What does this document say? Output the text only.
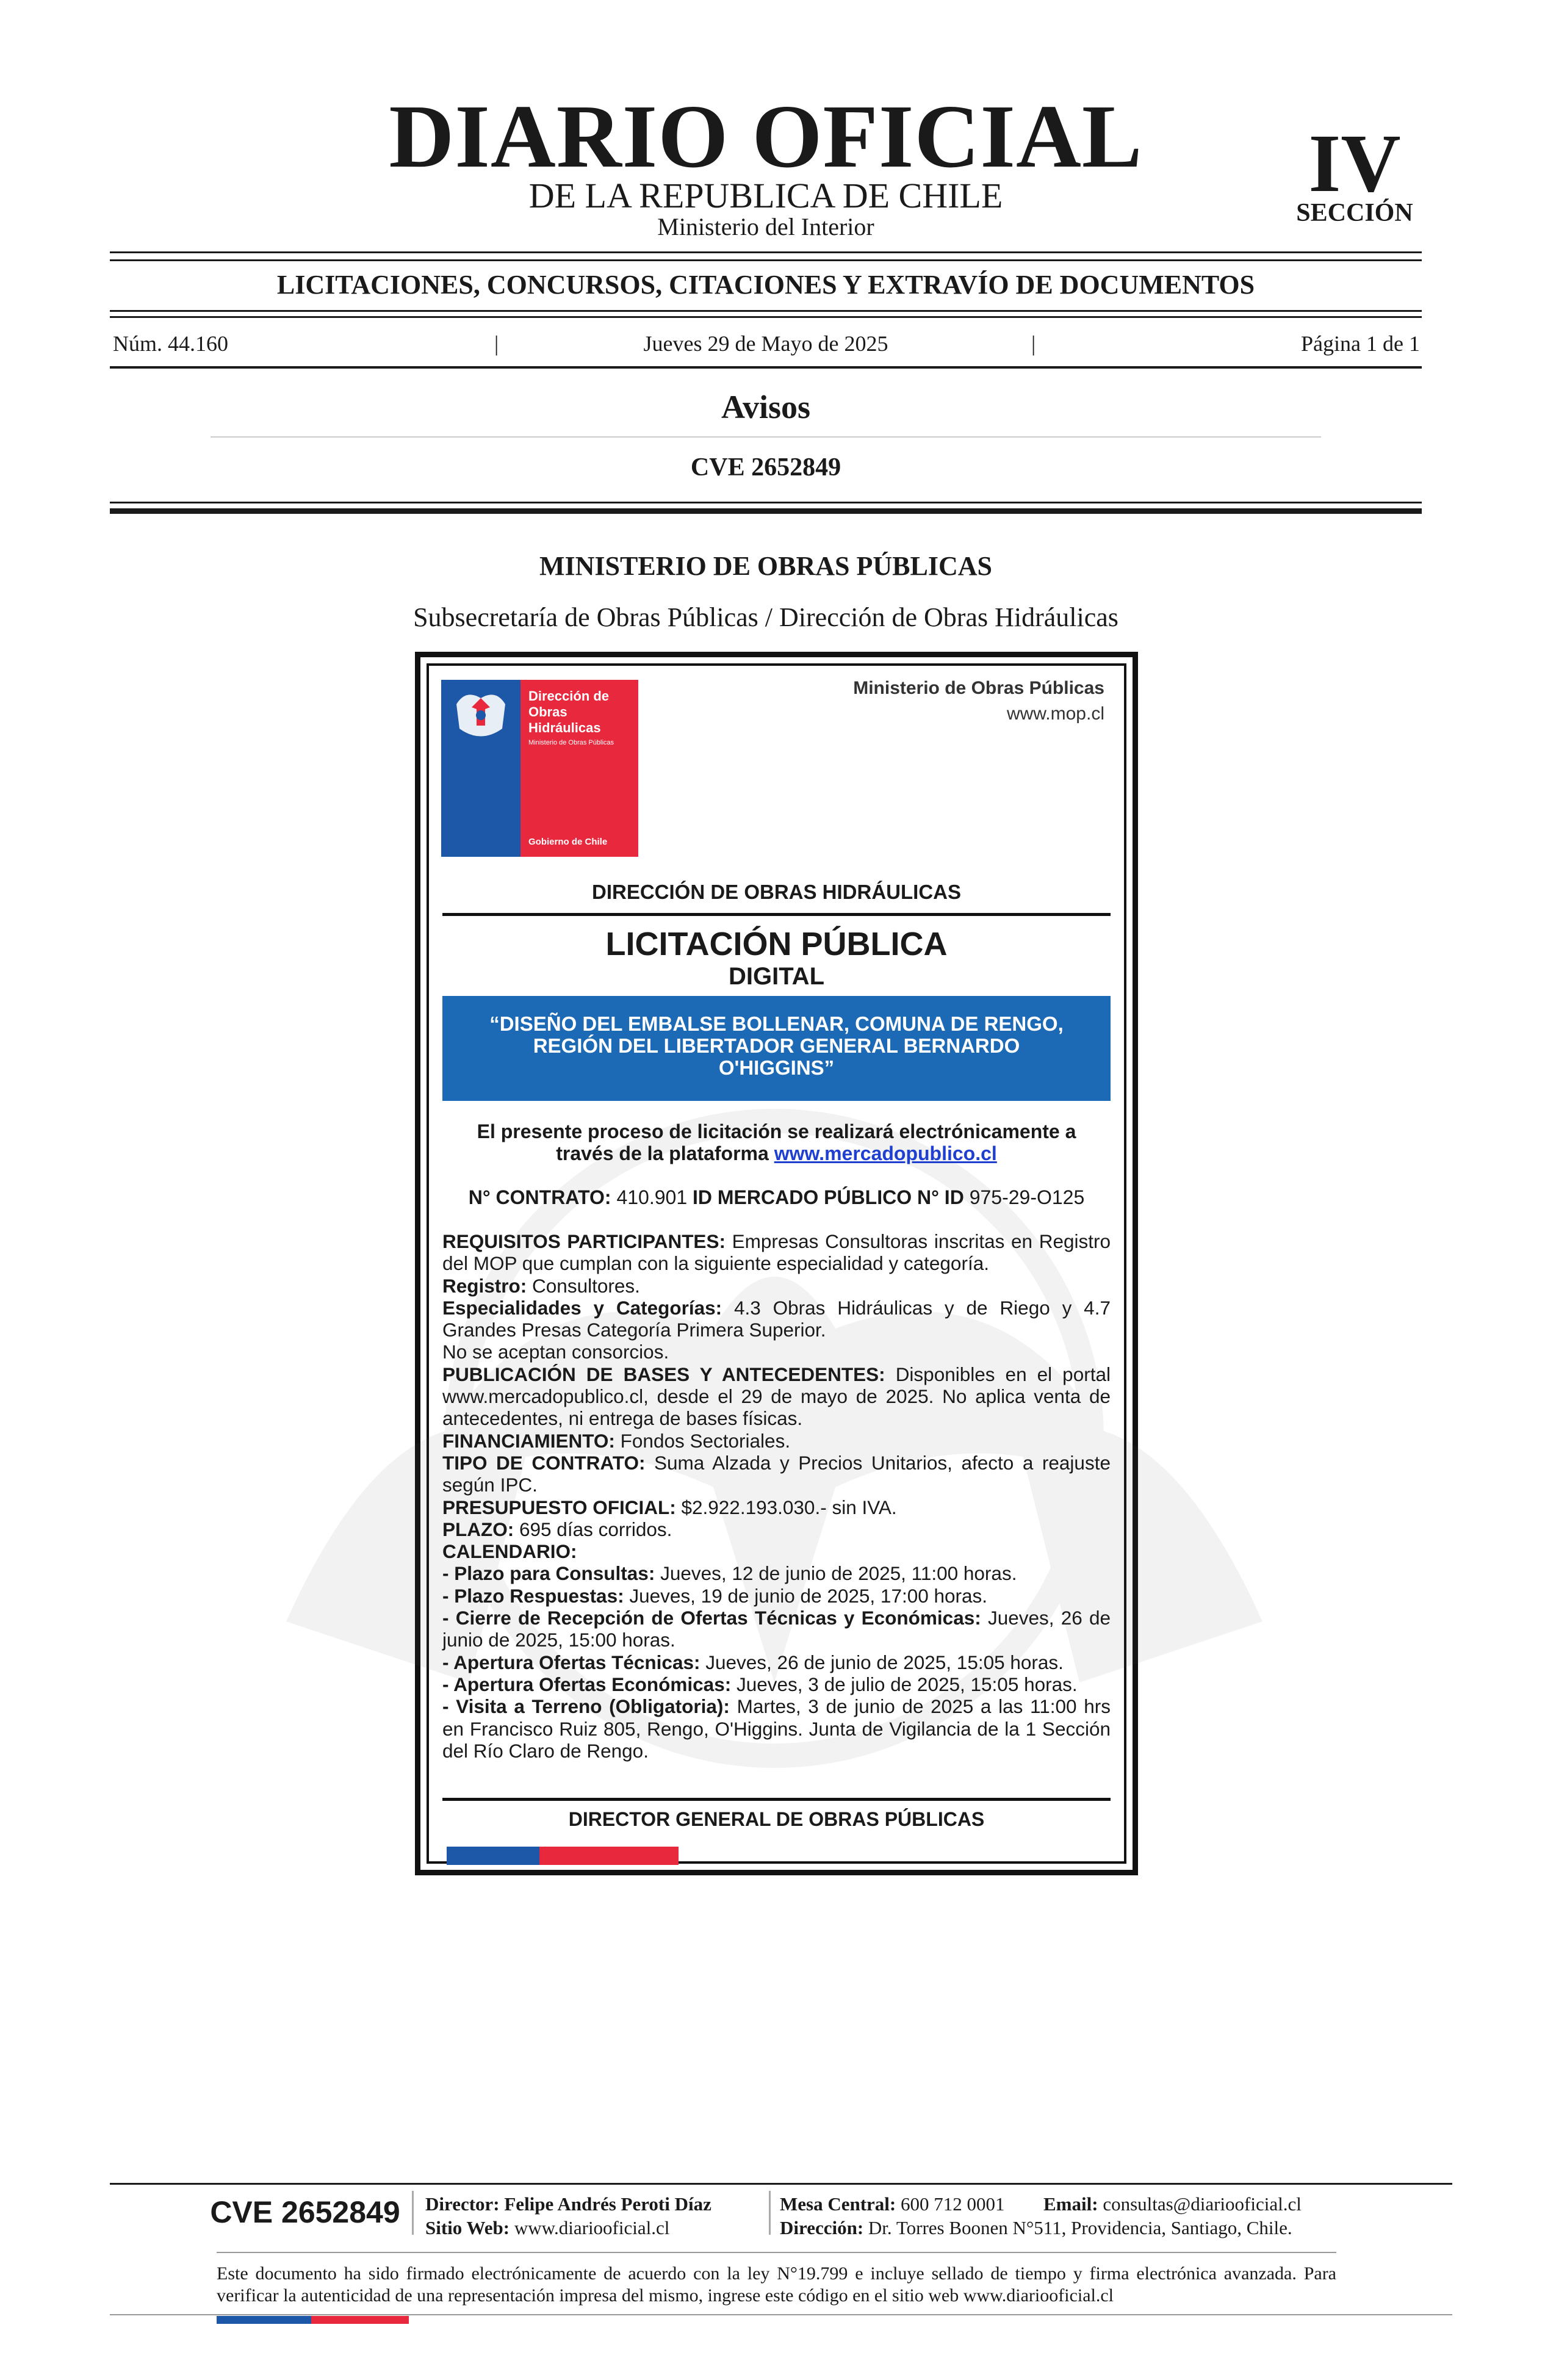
DIARIO OFICIAL
DE LA REPUBLICA DE CHILE
Ministerio del Interior
IV
SECCIÓN
LICITACIONES, CONCURSOS, CITACIONES Y EXTRAVÍO DE DOCUMENTOS
Núm. 44.160	|	Jueves 29 de Mayo de 2025	|	Página 1 de 1
Avisos
CVE 2652849
MINISTERIO DE OBRAS PÚBLICAS
Subsecretaría de Obras Públicas / Dirección de Obras Hidráulicas
Dirección de Obras Hidráulicas
Ministerio de Obras Públicas
Gobierno de Chile
Ministerio de Obras Públicas
www.mop.cl
DIRECCIÓN DE OBRAS HIDRÁULICAS
LICITACIÓN PÚBLICA
DIGITAL
“DISEÑO DEL EMBALSE BOLLENAR, COMUNA DE RENGO, REGIÓN DEL LIBERTADOR GENERAL BERNARDO O'HIGGINS”
El presente proceso de licitación se realizará electrónicamente a través de la plataforma www.mercadopublico.cl
N° CONTRATO: 410.901 ID MERCADO PÚBLICO N° ID 975-29-O125

REQUISITOS PARTICIPANTES: Empresas Consultoras inscritas en Registro del MOP que cumplan con la siguiente especialidad y categoría.

Registro: Consultores.

Especialidades y Categorías: 4.3 Obras Hidráulicas y de Riego y 4.7 Grandes Presas Categoría Primera Superior.

No se aceptan consorcios.

PUBLICACIÓN DE BASES Y ANTECEDENTES: Disponibles en el portal www.mercadopublico.cl, desde el 29 de mayo de 2025. No aplica venta de antecedentes, ni entrega de bases físicas.

FINANCIAMIENTO: Fondos Sectoriales.

TIPO DE CONTRATO: Suma Alzada y Precios Unitarios, afecto a reajuste según IPC.

PRESUPUESTO OFICIAL: $2.922.193.030.- sin IVA.

PLAZO: 695 días corridos.

CALENDARIO:

- Plazo para Consultas: Jueves, 12 de junio de 2025, 11:00 horas.

- Plazo Respuestas: Jueves, 19 de junio de 2025, 17:00 horas.

- Cierre de Recepción de Ofertas Técnicas y Económicas: Jueves, 26 de junio de 2025, 15:00 horas.

- Apertura Ofertas Técnicas: Jueves, 26 de junio de 2025, 15:05 horas.

- Apertura Ofertas Económicas: Jueves, 3 de julio de 2025, 15:05 horas.

- Visita a Terreno (Obligatoria): Martes, 3 de junio de 2025 a las 11:00 hrs en Francisco Ruiz 805, Rengo, O'Higgins. Junta de Vigilancia de la 1 Sección del Río Claro de Rengo.

DIRECTOR GENERAL DE OBRAS PÚBLICAS
CVE 2652849 Director: Felipe Andrés Peroti Díaz
Sitio Web: www.diariooficial.cl
Mesa Central: 600 712 0001 Email: consultas@diariooficial.cl
Dirección: Dr. Torres Boonen N°511, Providencia, Santiago, Chile.
Este documento ha sido firmado electrónicamente de acuerdo con la ley N°19.799 e incluye sellado de tiempo y firma electrónica avanzada. Para verificar la autenticidad de una representación impresa del mismo, ingrese este código en el sitio web www.diariooficial.cl
